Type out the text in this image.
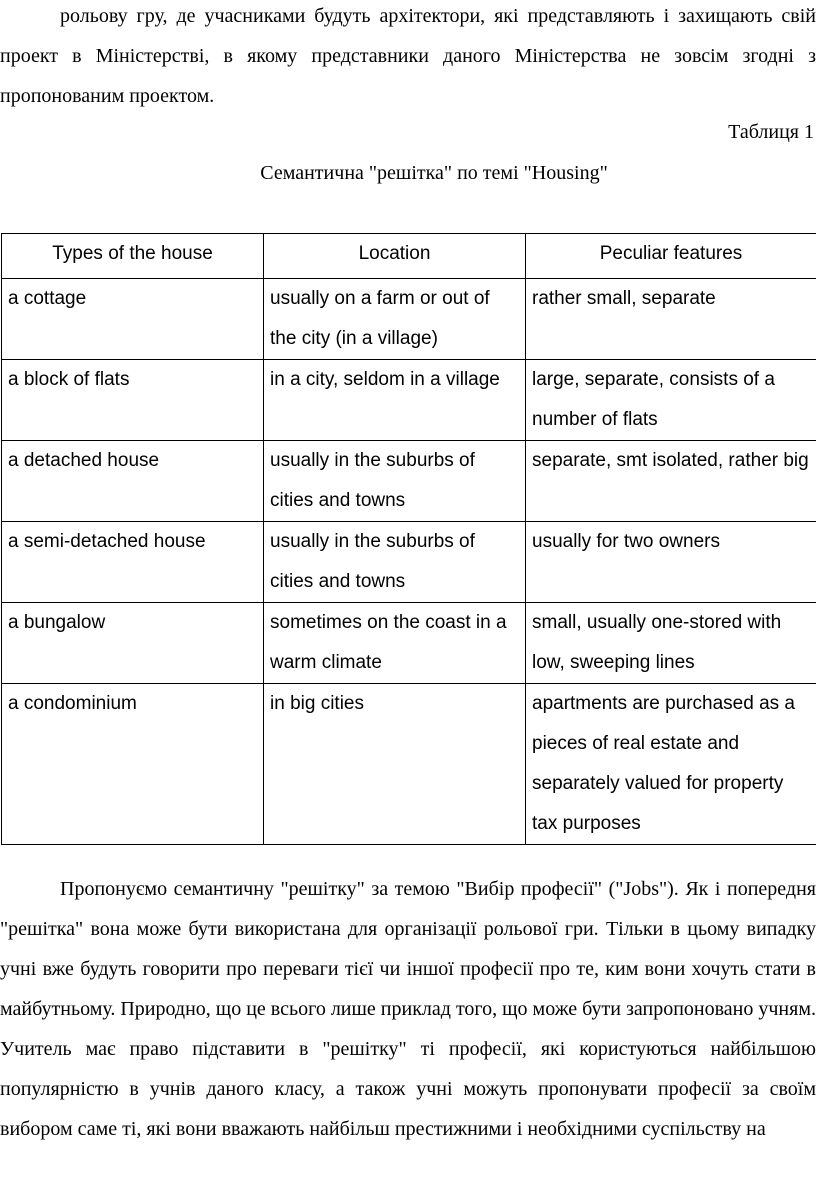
рольову гру, де учасниками будуть архітектори, які представляють і захищають свій проект в Міністерстві, в якому представники даного Міністерства не зовсім згодні з пропонованим проектом.

Таблиця 1

Семантична "решітка" по темі "Housing"

Types of the house	Location	Peculiar features
a cottage	usually on a farm or out of the city (in a village)	rather small, separate
a block of flats	in a city, seldom in a village	large, separate, consists of a number of flats
a detached house	usually in the suburbs of cities and towns	separate, smt isolated, rather big
a semi-detached house	usually in the suburbs of cities and towns	usually for two owners
a bungalow	sometimes on the coast in a warm climate	small, usually one-stored with low, sweeping lines
a condominium	in big cities	apartments are purchased as a pieces of real estate and separately valued for property tax purposes

Пропонуємо семантичну "решітку" за темою "Вибір професії" ("Jobs"). Як і попередня "решітка" вона може бути використана для організації рольової гри. Тільки в цьому випадку учні вже будуть говорити про переваги тієї чи іншої професії про те, ким вони хочуть стати в майбутньому. Природно, що це всього лише приклад того, що може бути запропоновано учням. Учитель має право підставити в "решітку" ті професії, які користуються найбільшою популярністю в учнів даного класу, а також учні можуть пропонувати професії за своїм вибором саме ті, які вони вважають найбільш престижними і необхідними суспільству на
